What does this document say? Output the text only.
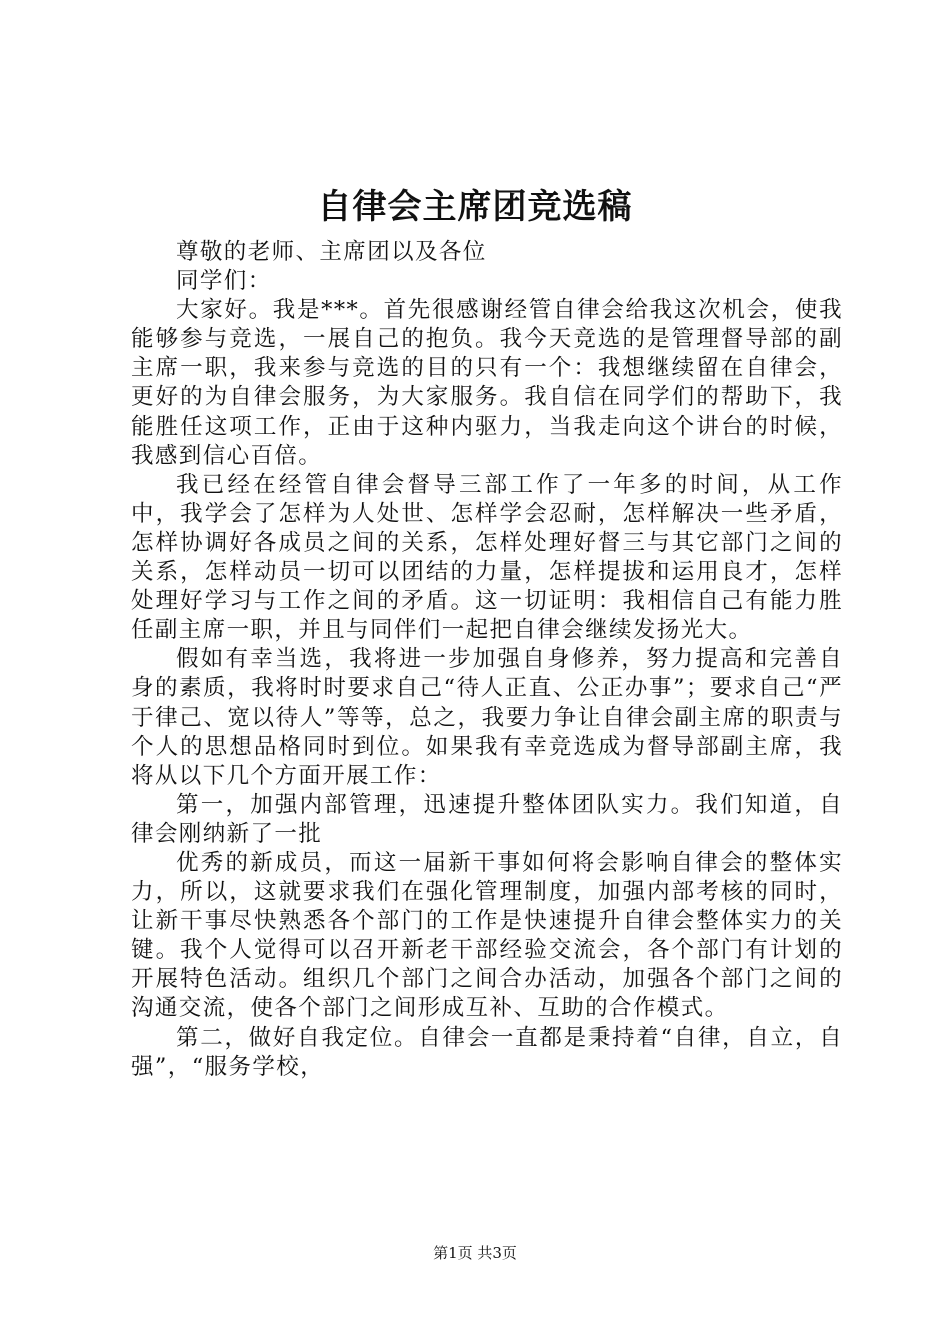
自律会主席团竞选稿

尊敬的老师、主席团以及各位

同学们：

大家好。我是***。首先很感谢经管自律会给我这次机会，使我能够参与竞选，一展自己的抱负。我今天竞选的是管理督导部的副主席一职，我来参与竞选的目的只有一个：我想继续留在自律会，更好的为自律会服务，为大家服务。我自信在同学们的帮助下，我能胜任这项工作，正由于这种内驱力，当我走向这个讲台的时候，我感到信心百倍。

我已经在经管自律会督导三部工作了一年多的时间，从工作中，我学会了怎样为人处世、怎样学会忍耐，怎样解决一些矛盾，怎样协调好各成员之间的关系，怎样处理好督三与其它部门之间的关系，怎样动员一切可以团结的力量，怎样提拔和运用良才，怎样处理好学习与工作之间的矛盾。这一切证明：我相信自己有能力胜任副主席一职，并且与同伴们一起把自律会继续发扬光大。

假如有幸当选，我将进一步加强自身修养，努力提高和完善自身的素质，我将时时要求自己“待人正直、公正办事”；要求自己“严于律己、宽以待人”等等，总之，我要力争让自律会副主席的职责与个人的思想品格同时到位。如果我有幸竞选成为督导部副主席，我将从以下几个方面开展工作：

第一，加强内部管理，迅速提升整体团队实力。我们知道，自律会刚纳新了一批

优秀的新成员，而这一届新干事如何将会影响自律会的整体实力，所以，这就要求我们在强化管理制度，加强内部考核的同时，让新干事尽快熟悉各个部门的工作是快速提升自律会整体实力的关键。我个人觉得可以召开新老干部经验交流会，各个部门有计划的开展特色活动。组织几个部门之间合办活动，加强各个部门之间的沟通交流，使各个部门之间形成互补、互助的合作模式。

第二，做好自我定位。自律会一直都是秉持着“自律，自立，自强”，“服务学校，

第1页 共3页
